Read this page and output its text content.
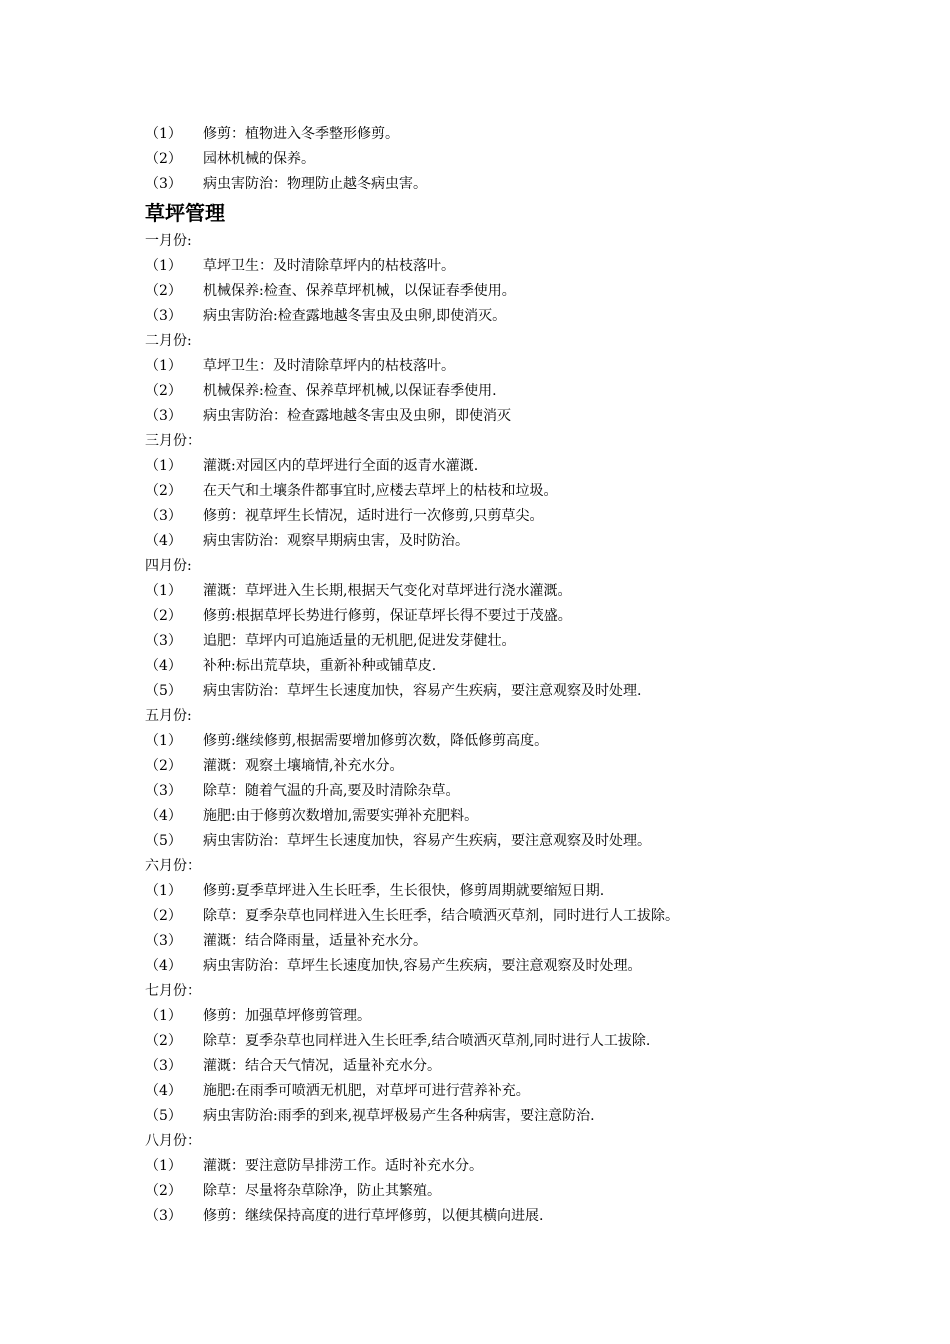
（1）	修剪：植物进入冬季整形修剪。
（2）	园林机械的保养。
（3）	病虫害防治：物理防止越冬病虫害。
草坪管理
一月份:
（1）	草坪卫生：及时清除草坪内的枯枝落叶。
（2）	机械保养:检查、保养草坪机械，以保证春季使用。
（3）	病虫害防治:检查露地越冬害虫及虫卵,即使消灭。
二月份:
（1）	草坪卫生：及时清除草坪内的枯枝落叶。
（2）	机械保养:检查、保养草坪机械,以保证春季使用.
（3）	病虫害防治：检查露地越冬害虫及虫卵，即使消灭
三月份：
（1）	灌溉:对园区内的草坪进行全面的返青水灌溉.
（2）	在天气和土壤条件都事宜时,应楼去草坪上的枯枝和垃圾。
（3）	修剪：视草坪生长情况，适时进行一次修剪,只剪草尖。
（4）	病虫害防治：观察早期病虫害，及时防治。
四月份:
（1）	灌溉：草坪进入生长期,根据天气变化对草坪进行浇水灌溉。
（2）	修剪:根据草坪长势进行修剪，保证草坪长得不要过于茂盛。
（3）	追肥：草坪内可追施适量的无机肥,促进发芽健壮。
（4）	补种:标出荒草块，重新补种或铺草皮.
（5）	病虫害防治：草坪生长速度加快，容易产生疾病，要注意观察及时处理.
五月份:
（1）	修剪:继续修剪,根据需要增加修剪次数，降低修剪高度。
（2）	灌溉：观察土壤墒情,补充水分。
（3）	除草：随着气温的升高,要及时清除杂草。
（4）	施肥:由于修剪次数增加,需要实弹补充肥料。
（5）	病虫害防治：草坪生长速度加快，容易产生疾病，要注意观察及时处理。
六月份：
（1）	修剪:夏季草坪进入生长旺季，生长很快，修剪周期就要缩短日期.
（2）	除草：夏季杂草也同样进入生长旺季，结合喷洒灭草剂，同时进行人工拔除。
（3）	灌溉：结合降雨量，适量补充水分。
（4）	病虫害防治：草坪生长速度加快,容易产生疾病，要注意观察及时处理。
七月份：
（1）	修剪：加强草坪修剪管理。
（2）	除草：夏季杂草也同样进入生长旺季,结合喷洒灭草剂,同时进行人工拔除.
（3）	灌溉：结合天气情况，适量补充水分。
（4）	施肥:在雨季可喷洒无机肥，对草坪可进行营养补充。
（5）	病虫害防治:雨季的到来,视草坪极易产生各种病害，要注意防治.
八月份：
（1）	灌溉：要注意防旱排涝工作。适时补充水分。
（2）	除草：尽量将杂草除净，防止其繁殖。
（3）	修剪：继续保持高度的进行草坪修剪，以便其横向进展.
